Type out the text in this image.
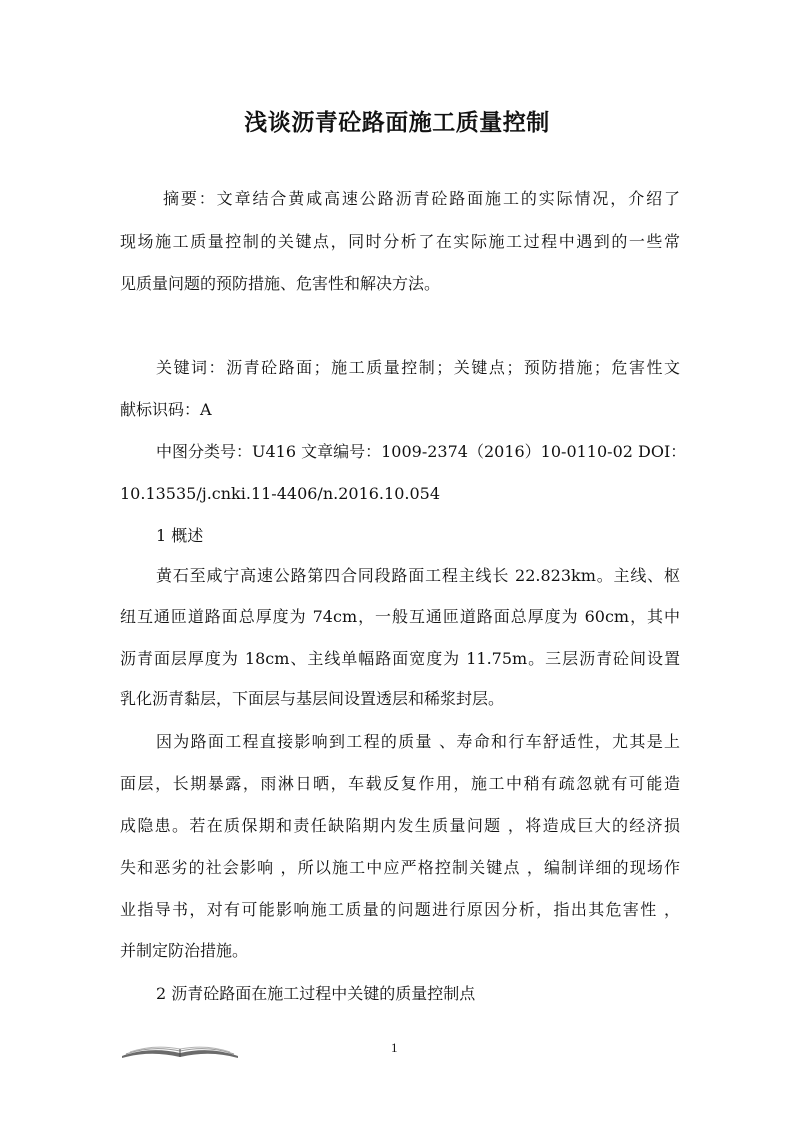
浅谈沥青砼路面施工质量控制
摘要：文章结合黄咸高速公路沥青砼路面施工的实际情况，介绍了
现场施工质量控制的关键点，同时分析了在实际施工过程中遇到的一些常
见质量问题的预防措施、危害性和解决方法。
关键词：沥青砼路面；施工质量控制；关键点；预防措施；危害性文
献标识码：A
中图分类号：U416 文章编号：1009-2374（2016）10-0110-02 DOI：
10.13535/j.cnki.11-4406/n.2016.10.054
1 概述
黄石至咸宁高速公路第四合同段路面工程主线长 22.823km。主线、枢
纽互通匝道路面总厚度为 74cm，一般互通匝道路面总厚度为 60cm，其中
沥青面层厚度为 18cm、主线单幅路面宽度为 11.75m。三层沥青砼间设置
乳化沥青黏层，下面层与基层间设置透层和稀浆封层。
因为路面工程直接影响到工程的质量 、寿命和行车舒适性，尤其是上
面层，长期暴露，雨淋日晒，车载反复作用，施工中稍有疏忽就有可能造
成隐患。若在质保期和责任缺陷期内发生质量问题 ，将造成巨大的经济损
失和恶劣的社会影响 ，所以施工中应严格控制关键点 ，编制详细的现场作
业指导书，对有可能影响施工质量的问题进行原因分析，指出其危害性 ，
并制定防治措施。
2 沥青砼路面在施工过程中关键的质量控制点
1
